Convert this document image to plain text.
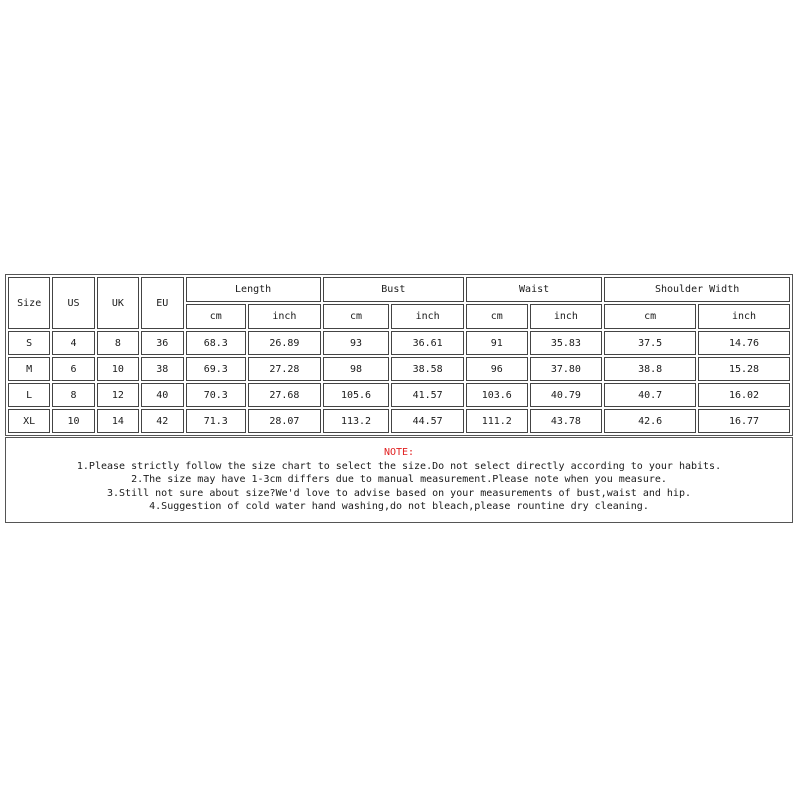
Size	US	UK	EU	Length		Bust		Waist		Shoulder Width	
				cm	inch	cm	inch	cm	inch	cm	inch
S	4	8	36	68.3	26.89	93	36.61	91	35.83	37.5	14.76
M	6	10	38	69.3	27.28	98	38.58	96	37.80	38.8	15.28
L	8	12	40	70.3	27.68	105.6	41.57	103.6	40.79	40.7	16.02
XL	10	14	42	71.3	28.07	113.2	44.57	111.2	43.78	42.6	16.77
NOTE:
1.Please strictly follow the size chart to select the size.Do not select directly according to your habits.
2.The size may have 1-3cm differs due to manual measurement.Please note when you measure.
3.Still not sure about size?We'd love to advise based on your measurements of bust,waist and hip.
4.Suggestion of cold water hand washing,do not bleach,please rountine dry cleaning.
